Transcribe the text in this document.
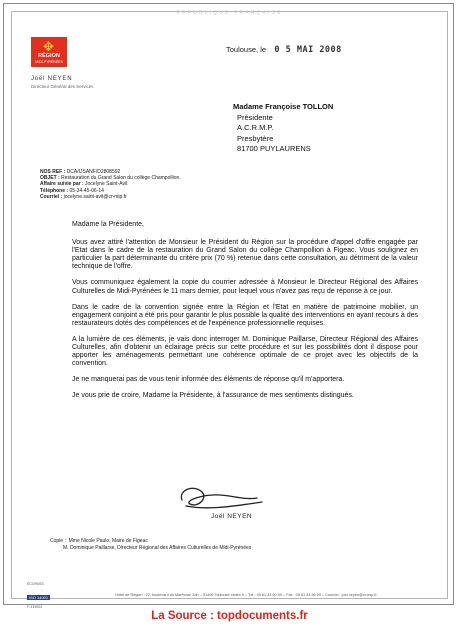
RÉPUBLIQUE FRANÇAISE
✥
RÉGION
MIDI-PYRÉNÉES
Joël NEYEN
Directeur Général des Services
Toulouse, le 0 5 MAI 2008
Madame Françoise TOLLON
Présidente
A.C.R.M.P.
Presbytère
81700 PUYLAURENS
NOS REF : DCA/IJSANF/D2808592
OBJET : Restauration du Grand Salon du collège Champollion.
Affaire suivie par : Jocelyne Saint-Avit
Téléphone : 05-34-45-06-14
Courriel : jocelyne.saint-avit@cr-mip.fr

Madame la Présidente,

Vous avez attiré l'attention de Monsieur le Président du Région sur la procédure d'appel d'offre engagée par l'Etat dans le cadre de la restauration du Grand Salon du collège Champollion à Figeac. Vous soulignez en particulier la part déterminante du critère prix (70 %) retenue dans cette consultation, au détriment de la valeur technique de l'offre.

Vous communiquez également la copie du courrier adressée à Monsieur le Directeur Régional des Affaires Culturelles de Midi-Pyrénées le 11 mars dernier, pour lequel vous n'avez pas reçu de réponse à ce jour.

Dans le cadre de la convention signée entre la Région et l'Etat en matière de patrimoine mobilier, un engagement conjoint a été pris pour garantir le plus possible la qualité des interventions en ayant recours à des restaurateurs dotés des compétences et de l'expérience professionnelle requises.

A la lumière de ces éléments, je vais donc interroger M. Dominique Paillarse, Directeur Régional des Affaires Culturelles, afin d'obtenir un éclairage précis sur cette procédure et sur les possibilités dont il dispose pour apporter les aménagements permettant une cohérence optimale de ce projet avec les objectifs de la convention.

Je ne manquerai pas de vous tenir informée des éléments de réponse qu'il m'apportera.

Je vous prie de croire, Madame la Présidente, à l'assurance de mes sentiments distingués.

Joël NEYEN
Copie : Mme Nicole Paulo, Maire de Figeac
M. Dominique Paillarse, Directeur Régional des Affaires Culturelles de Midi-Pyrénées
ECOPASS
ISO 14001
F-319004
Hôtel de Région : 22, boulevard du Maréchal Juin – 31406 Toulouse cedex 9 – Tél : 05 61 33 50 50 – Fax : 05 61 33 56 00 – Courriel : joel.neyen@cr-mip.fr
La Source : topdocuments.fr
